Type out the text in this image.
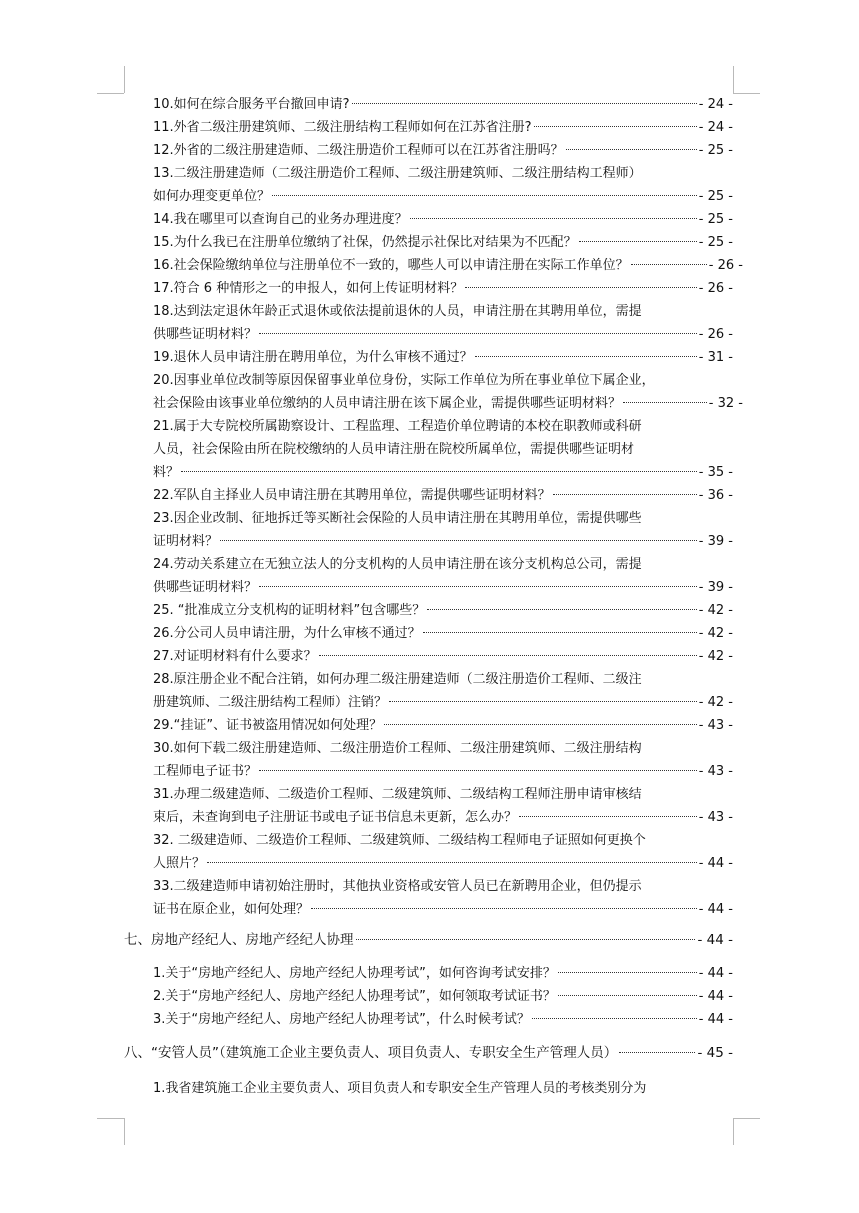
10.如何在综合服务平台撤回申请?	- 24 -
11.外省二级注册建筑师、二级注册结构工程师如何在江苏省注册?	- 24 -
12.外省的二级注册建造师、二级注册造价工程师可以在江苏省注册吗？	- 25 -
13.二级注册建造师（二级注册造价工程师、二级注册建筑师、二级注册结构工程师）
如何办理变更单位？	- 25 -
14.我在哪里可以查询自己的业务办理进度？	- 25 -
15.为什么我已在注册单位缴纳了社保，仍然提示社保比对结果为不匹配？	- 25 -
16.社会保险缴纳单位与注册单位不一致的，哪些人可以申请注册在实际工作单位？	- 26 -
17.符合 6 种情形之一的申报人，如何上传证明材料？	- 26 -
18.达到法定退休年龄正式退休或依法提前退休的人员，申请注册在其聘用单位，需提
供哪些证明材料？	- 26 -
19.退休人员申请注册在聘用单位，为什么审核不通过？	- 31 -
20.因事业单位改制等原因保留事业单位身份，实际工作单位为所在事业单位下属企业，
社会保险由该事业单位缴纳的人员申请注册在该下属企业，需提供哪些证明材料？	- 32 -
21.属于大专院校所属勘察设计、工程监理、工程造价单位聘请的本校在职教师或科研
人员，社会保险由所在院校缴纳的人员申请注册在院校所属单位，需提供哪些证明材
料？	- 35 -
22.军队自主择业人员申请注册在其聘用单位，需提供哪些证明材料？	- 36 -
23.因企业改制、征地拆迁等买断社会保险的人员申请注册在其聘用单位，需提供哪些
证明材料？	- 39 -
24.劳动关系建立在无独立法人的分支机构的人员申请注册在该分支机构总公司，需提
供哪些证明材料？	- 39 -
25. “批准成立分支机构的证明材料”包含哪些？	- 42 -
26.分公司人员申请注册，为什么审核不通过？	- 42 -
27.对证明材料有什么要求？	- 42 -
28.原注册企业不配合注销，如何办理二级注册建造师（二级注册造价工程师、二级注
册建筑师、二级注册结构工程师）注销？	- 42 -
29.“挂证”、证书被盗用情况如何处理？	- 43 -
30.如何下载二级注册建造师、二级注册造价工程师、二级注册建筑师、二级注册结构
工程师电子证书？	- 43 -
31.办理二级建造师、二级造价工程师、二级建筑师、二级结构工程师注册申请审核结
束后，未查询到电子注册证书或电子证书信息未更新，怎么办？	- 43 -
32. 二级建造师、二级造价工程师、二级建筑师、二级结构工程师电子证照如何更换个
人照片？	- 44 -
33.二级建造师申请初始注册时，其他执业资格或安管人员已在新聘用企业，但仍提示
证书在原企业，如何处理？	- 44 -
七、房地产经纪人、房地产经纪人协理	- 44 -
1.关于“房地产经纪人、房地产经纪人协理考试”，如何咨询考试安排？	- 44 -
2.关于“房地产经纪人、房地产经纪人协理考试”，如何领取考试证书？	- 44 -
3.关于“房地产经纪人、房地产经纪人协理考试”，什么时候考试？	- 44 -
八、“安管人员”（建筑施工企业主要负责人、项目负责人、专职安全生产管理人员）	- 45 -
1.我省建筑施工企业主要负责人、项目负责人和专职安全生产管理人员的考核类别分为
